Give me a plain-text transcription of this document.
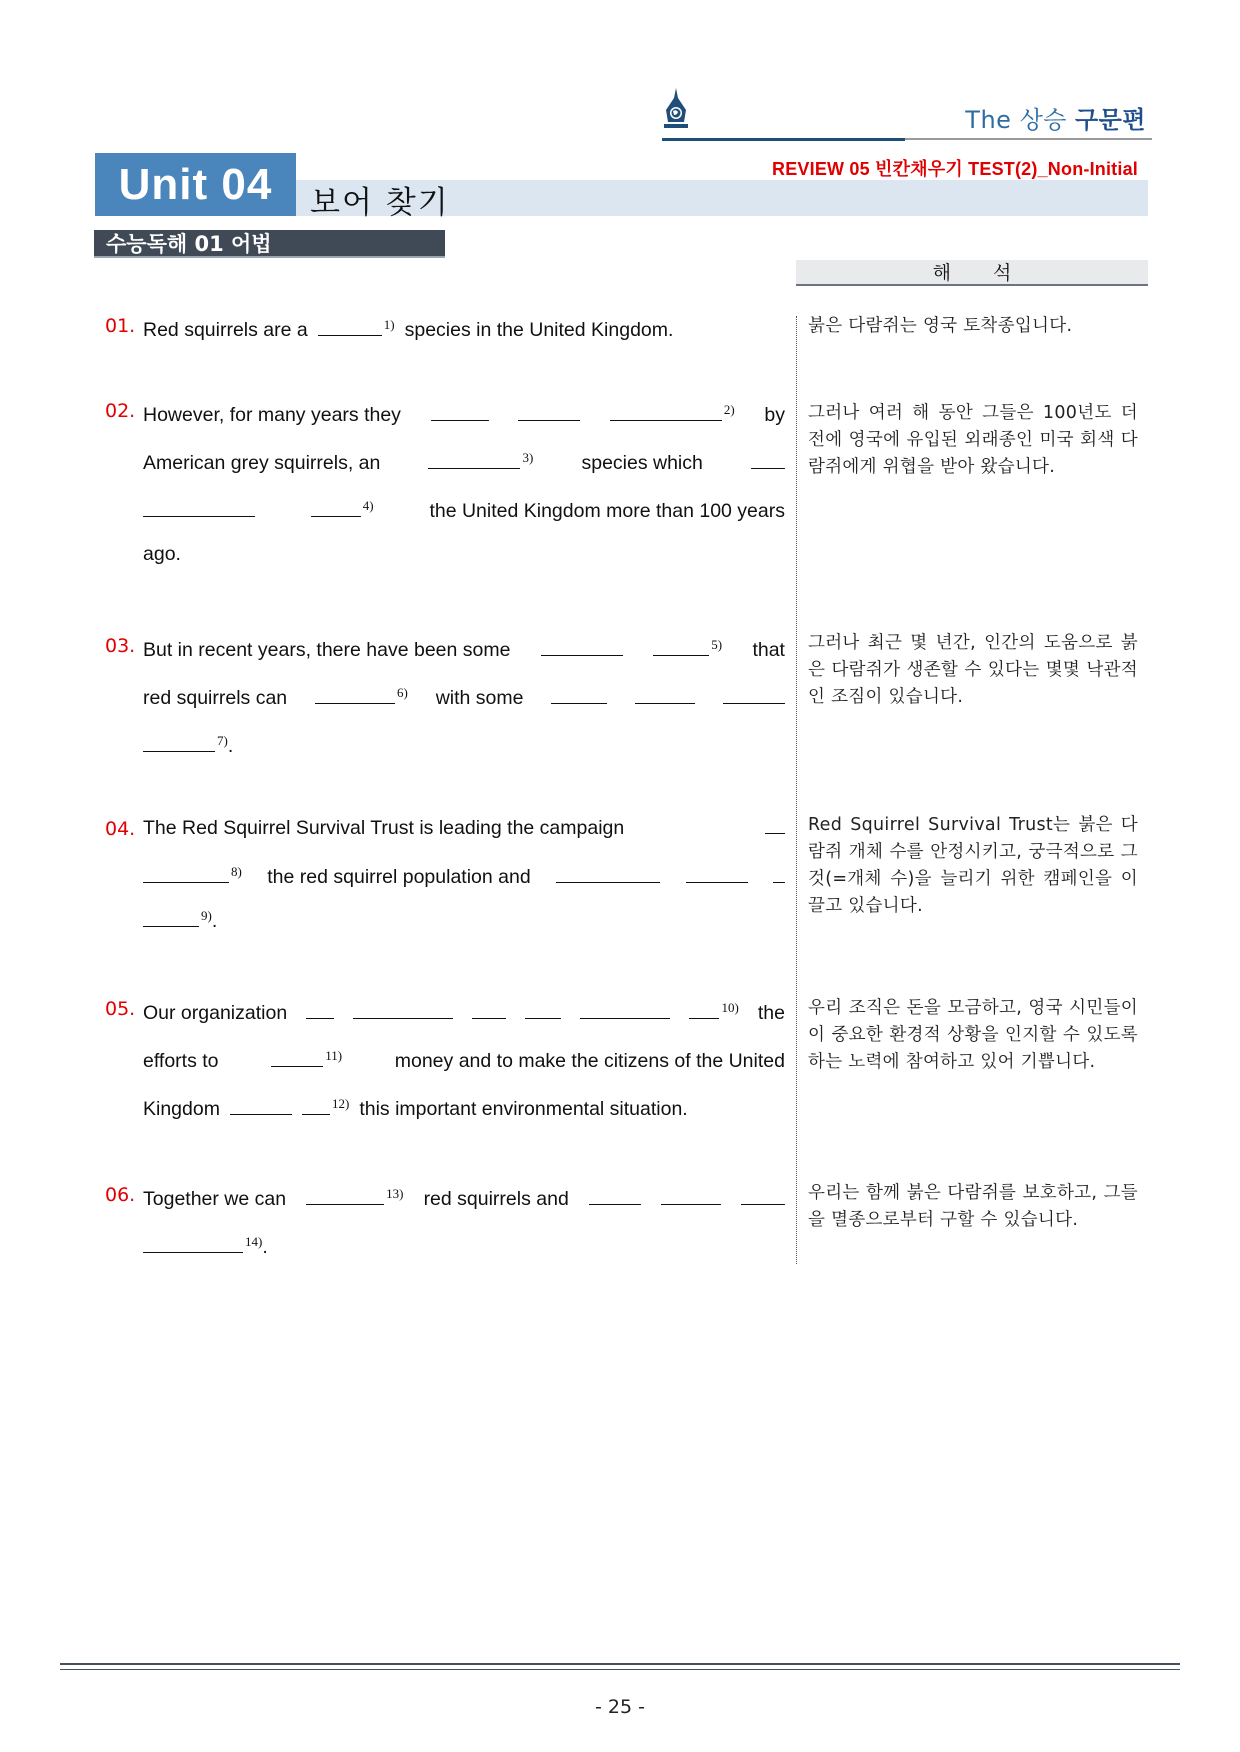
The 상승 구문편
REVIEW 05 빈칸채우기 TEST(2)_Non-Initial
Unit 04	보어 찾기
수능독해 01 어법
해석
01. Red squirrels are a	$^{1)}$ species in the United Kingdom.	붉은 다람쥐는 영국 토착종입니다.
02. However, for many years they	$^{2)}$ by
American grey squirrels, an	$^{3)}$ species which
$^{4)}$	the United Kingdom more than 100 years
ago.
그러나 여러 해 동안 그들은 100년도 더 전에 영국에 유입된 외래종인 미국 회색 다람쥐에게 위협을 받아 왔습니다.
03. But in recent years, there have been some	$^{5)}$ that
red squirrels can	$^{6)}$ with some
$^{7)}$.
그러나 최근 몇 년간, 인간의 도움으로 붉은 다람쥐가 생존할 수 있다는 몇몇 낙관적인 조짐이 있습니다.
04. The Red Squirrel Survival Trust is leading the campaign
$^{8)}$ the red squirrel population and
$^{9)}$.
Red Squirrel Survival Trust는 붉은 다람쥐 개체 수를 안정시키고, 궁극적으로 그것(=개체 수)을 늘리기 위한 캠페인을 이끌고 있습니다.
05. Our organization	$^{10)}$ the
efforts to	$^{11)}$	money and to make the citizens of the United
Kingdom	$^{12)}$ this important environmental situation.
우리 조직은 돈을 모금하고, 영국 시민들이 이 중요한 환경적 상황을 인지할 수 있도록 하는 노력에 참여하고 있어 기쁩니다.
06. Together we can	$^{13)}$ red squirrels and
$^{14)}$.
우리는 함께 붉은 다람쥐를 보호하고, 그들을 멸종으로부터 구할 수 있습니다.
- 25 -
